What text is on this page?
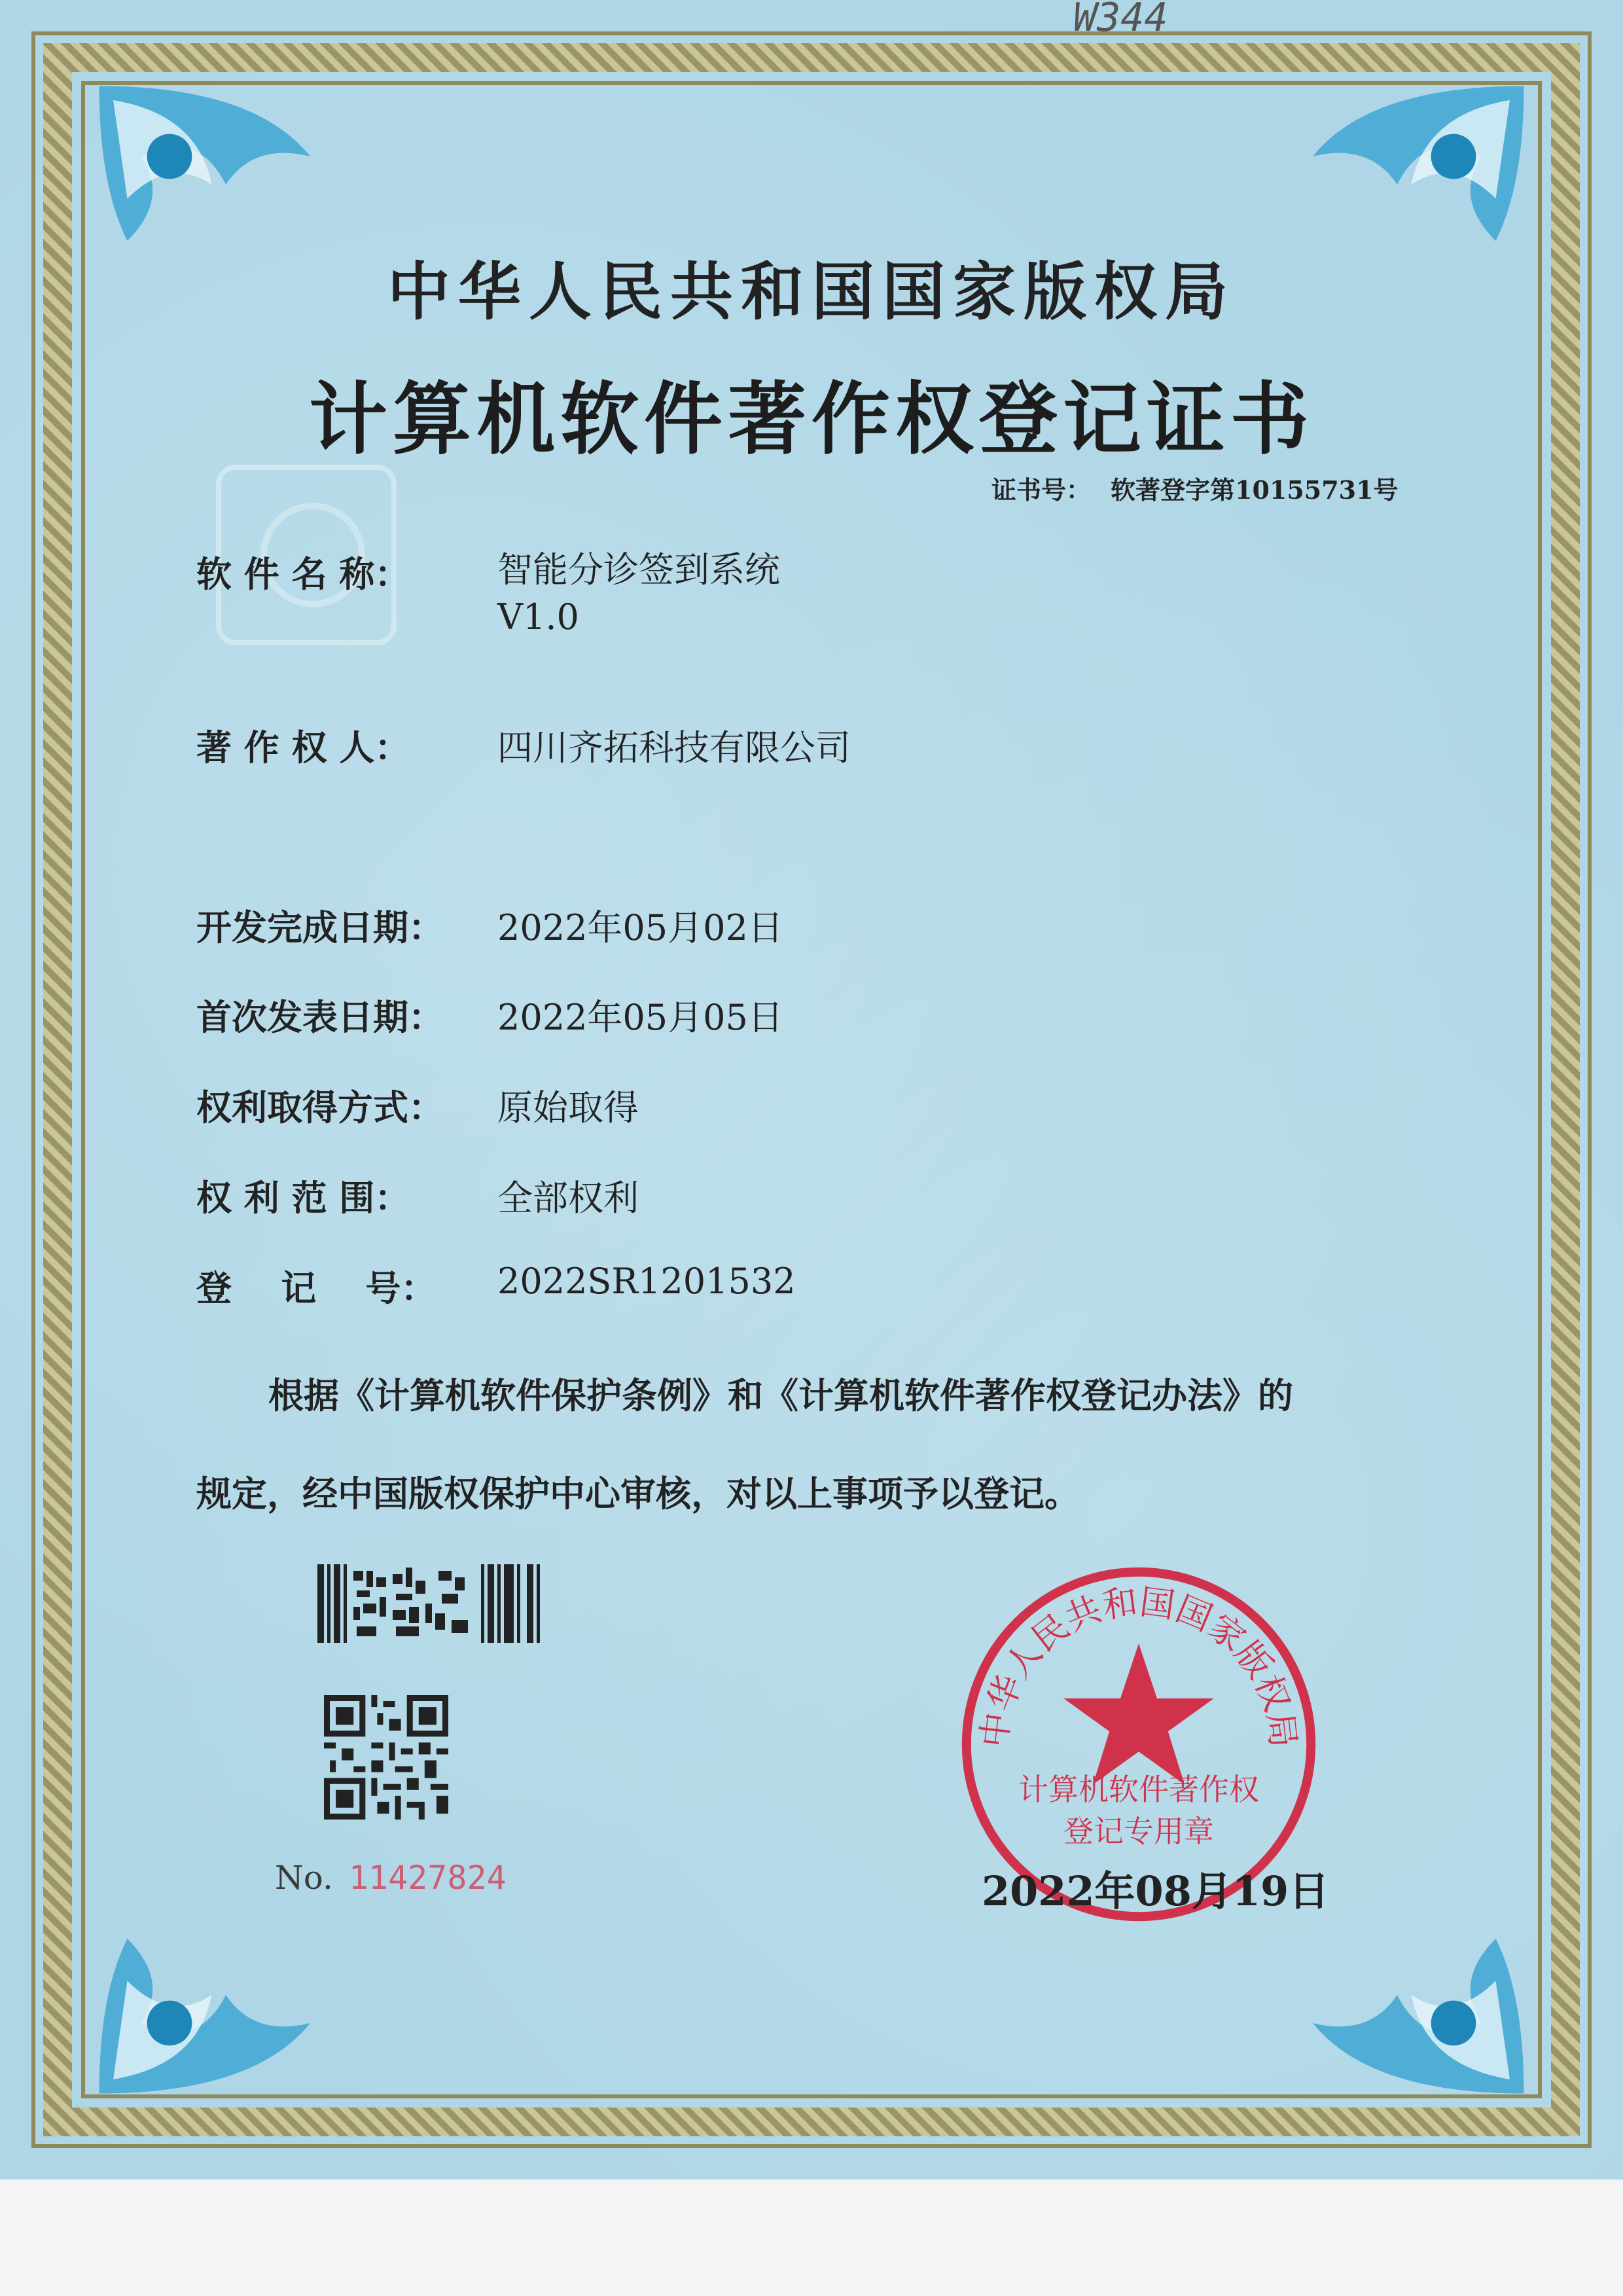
W344
中华人民共和国国家版权局
计算机软件著作权登记证书
证书号： 软著登字第10155731号
软 件 名 称： 智能分诊签到系统
V1.0
著 作 权 人： 四川齐拓科技有限公司
开发完成日期： 2022年05月02日
首次发表日期： 2022年05月05日
权利取得方式： 原始取得
权 利 范 围： 全部权利
登    记    号： 2022SR1201532
根据《计算机软件保护条例》和《计算机软件著作权登记办法》的
规定，经中国版权保护中心审核，对以上事项予以登记。
No. 11427824
中华人民共和国国家版权局
计算机软件著作权
登记专用章
2022年08月19日
